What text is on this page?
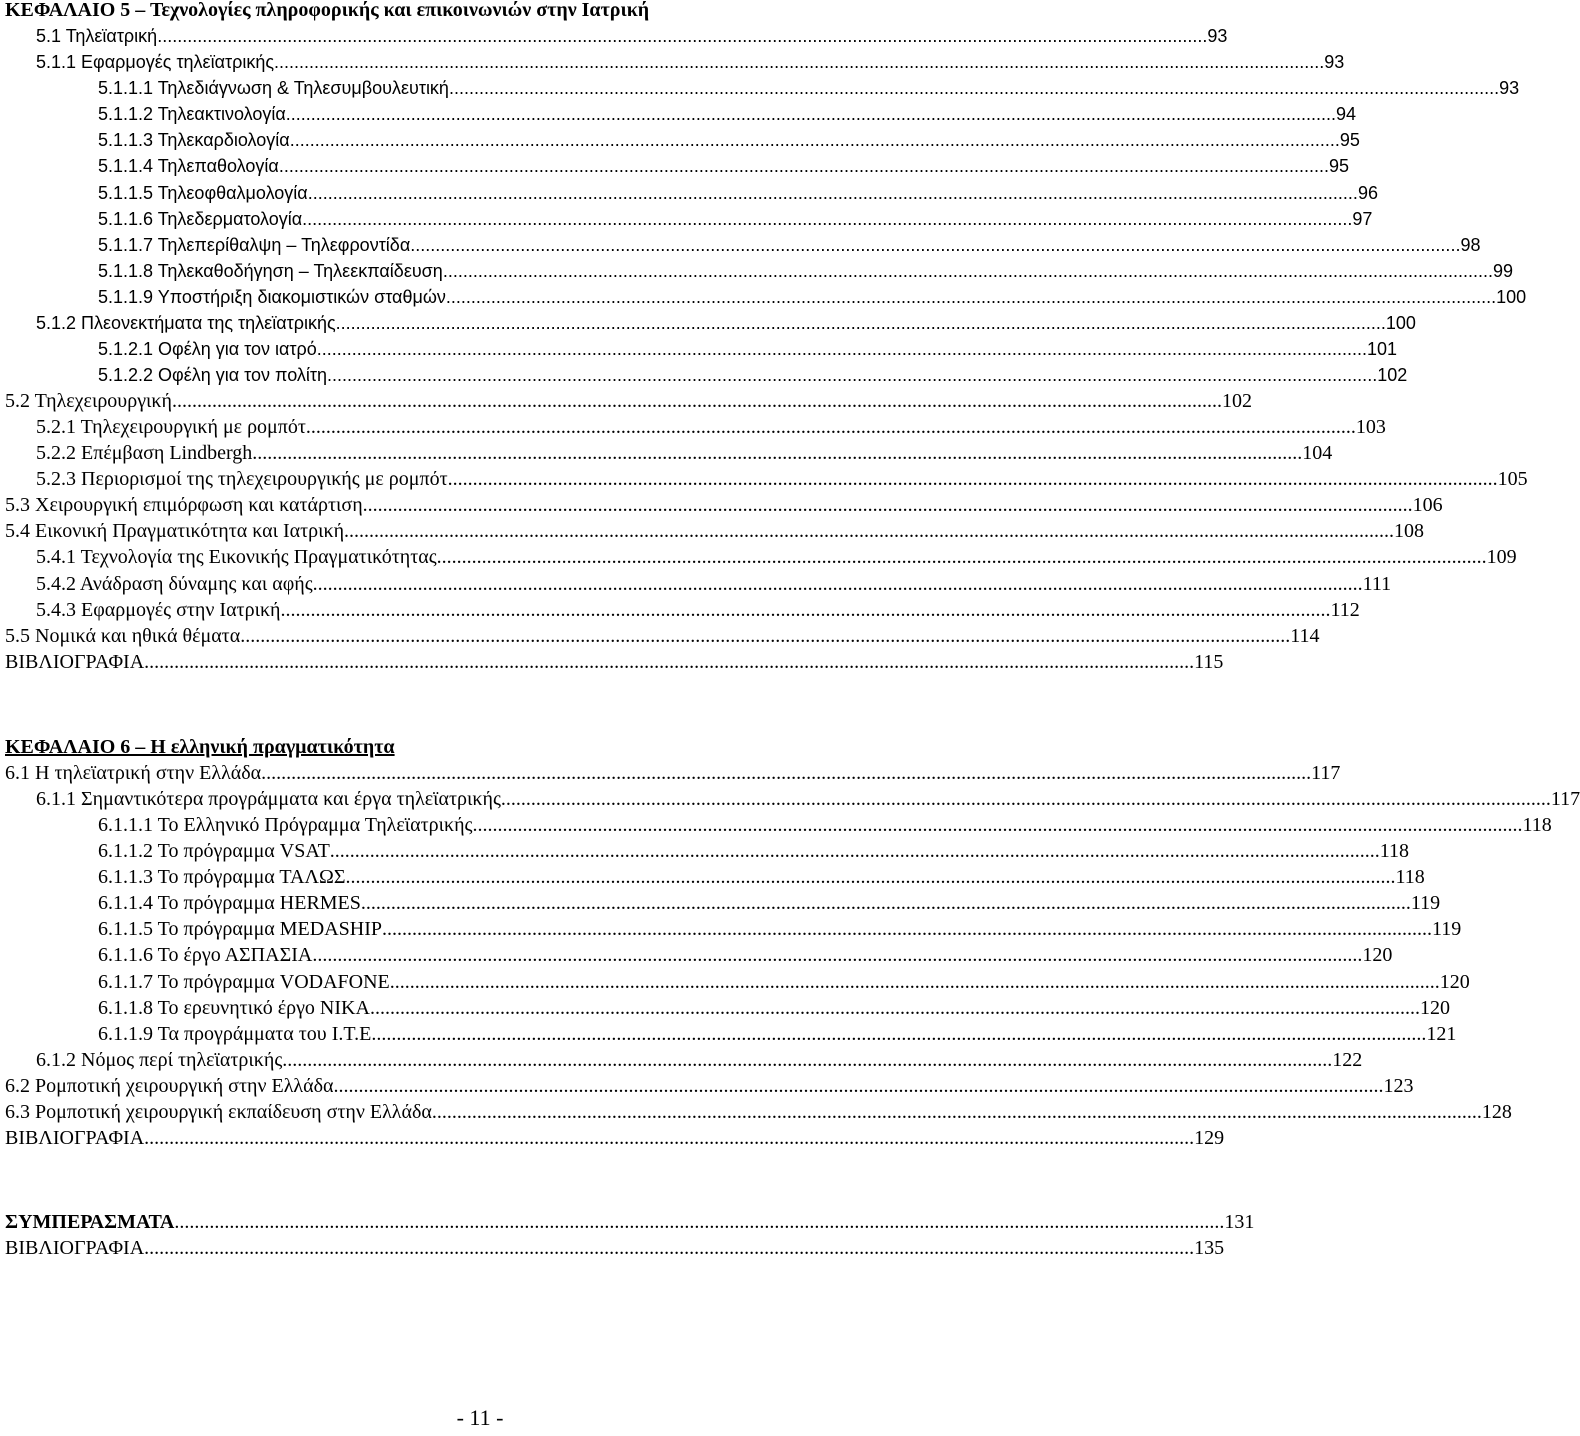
ΚΕΦΑΛΑΙΟ 5 – Τεχνολογίες πληροφορικής και επικοινωνιών στην Ιατρική
5.1 Τηλεϊατρική .................................................................................................................................................................................................................. 93
5.1.1 Εφαρμογές τηλεϊατρικής .................................................................................................................................................................................................................. 93
5.1.1.1 Τηλεδιάγνωση & Τηλεσυμβουλευτική .................................................................................................................................................................................................................. 93
5.1.1.2 Τηλεακτινολογία .................................................................................................................................................................................................................. 94
5.1.1.3 Τηλεκαρδιολογία .................................................................................................................................................................................................................. 95
5.1.1.4 Τηλεπαθολογία .................................................................................................................................................................................................................. 95
5.1.1.5 Τηλεοφθαλμολογία .................................................................................................................................................................................................................. 96
5.1.1.6 Τηλεδερματολογία .................................................................................................................................................................................................................. 97
5.1.1.7 Τηλεπερίθαλψη – Τηλεφροντίδα .................................................................................................................................................................................................................. 98
5.1.1.8 Τηλεκαθοδήγηση – Τηλεεκπαίδευση .................................................................................................................................................................................................................. 99
5.1.1.9 Υποστήριξη διακομιστικών σταθμών .................................................................................................................................................................................................................. 100
5.1.2 Πλεονεκτήματα της τηλεϊατρικής .................................................................................................................................................................................................................. 100
5.1.2.1 Οφέλη για τον ιατρό .................................................................................................................................................................................................................. 101
5.1.2.2 Οφέλη για τον πολίτη .................................................................................................................................................................................................................. 102
5.2 Τηλεχειρουργική .................................................................................................................................................................................................................. 102
5.2.1 Τηλεχειρουργική με ρομπότ .................................................................................................................................................................................................................. 103
5.2.2 Επέμβαση Lindbergh .................................................................................................................................................................................................................. 104
5.2.3 Περιορισμοί της τηλεχειρουργικής με ρομπότ .................................................................................................................................................................................................................. 105
5.3 Χειρουργική επιμόρφωση και κατάρτιση .................................................................................................................................................................................................................. 106
5.4 Εικονική Πραγματικότητα και Ιατρική .................................................................................................................................................................................................................. 108
5.4.1 Τεχνολογία της Εικονικής Πραγματικότητας .................................................................................................................................................................................................................. 109
5.4.2 Ανάδραση δύναμης και αφής .................................................................................................................................................................................................................. 111
5.4.3 Εφαρμογές στην Ιατρική .................................................................................................................................................................................................................. 112
5.5 Νομικά και ηθικά θέματα .................................................................................................................................................................................................................. 114
ΒΙΒΛΙΟΓΡΑΦΙΑ .................................................................................................................................................................................................................. 115
ΚΕΦΑΛΑΙΟ 6 – Η ελληνική πραγματικότητα
6.1 Η τηλεϊατρική στην Ελλάδα .................................................................................................................................................................................................................. 117
6.1.1 Σημαντικότερα προγράμματα και έργα τηλεϊατρικής .................................................................................................................................................................................................................. 117
6.1.1.1 Το Ελληνικό Πρόγραμμα Τηλεϊατρικής .................................................................................................................................................................................................................. 118
6.1.1.2 Το πρόγραμμα VSAT .................................................................................................................................................................................................................. 118
6.1.1.3 Το πρόγραμμα ΤΑΛΩΣ .................................................................................................................................................................................................................. 118
6.1.1.4 Το πρόγραμμα HERMES .................................................................................................................................................................................................................. 119
6.1.1.5 Το πρόγραμμα MEDASHIP .................................................................................................................................................................................................................. 119
6.1.1.6 Το έργο ΑΣΠΑΣΙΑ .................................................................................................................................................................................................................. 120
6.1.1.7 Το πρόγραμμα VODAFONE .................................................................................................................................................................................................................. 120
6.1.1.8 Το ερευνητικό έργο ΝΙΚΑ .................................................................................................................................................................................................................. 120
6.1.1.9 Τα προγράμματα του Ι.Τ.Ε. .................................................................................................................................................................................................................. 121
6.1.2 Νόμος περί τηλεϊατρικής .................................................................................................................................................................................................................. 122
6.2 Ρομποτική χειρουργική στην Ελλάδα .................................................................................................................................................................................................................. 123
6.3 Ρομποτική χειρουργική εκπαίδευση στην Ελλάδα .................................................................................................................................................................................................................. 128
ΒΙΒΛΙΟΓΡΑΦΙΑ .................................................................................................................................................................................................................. 129
ΣΥΜΠΕΡΑΣΜΑΤΑ .................................................................................................................................................................................................................. 131
ΒΙΒΛΙΟΓΡΑΦΙΑ .................................................................................................................................................................................................................. 135
- 11 -
